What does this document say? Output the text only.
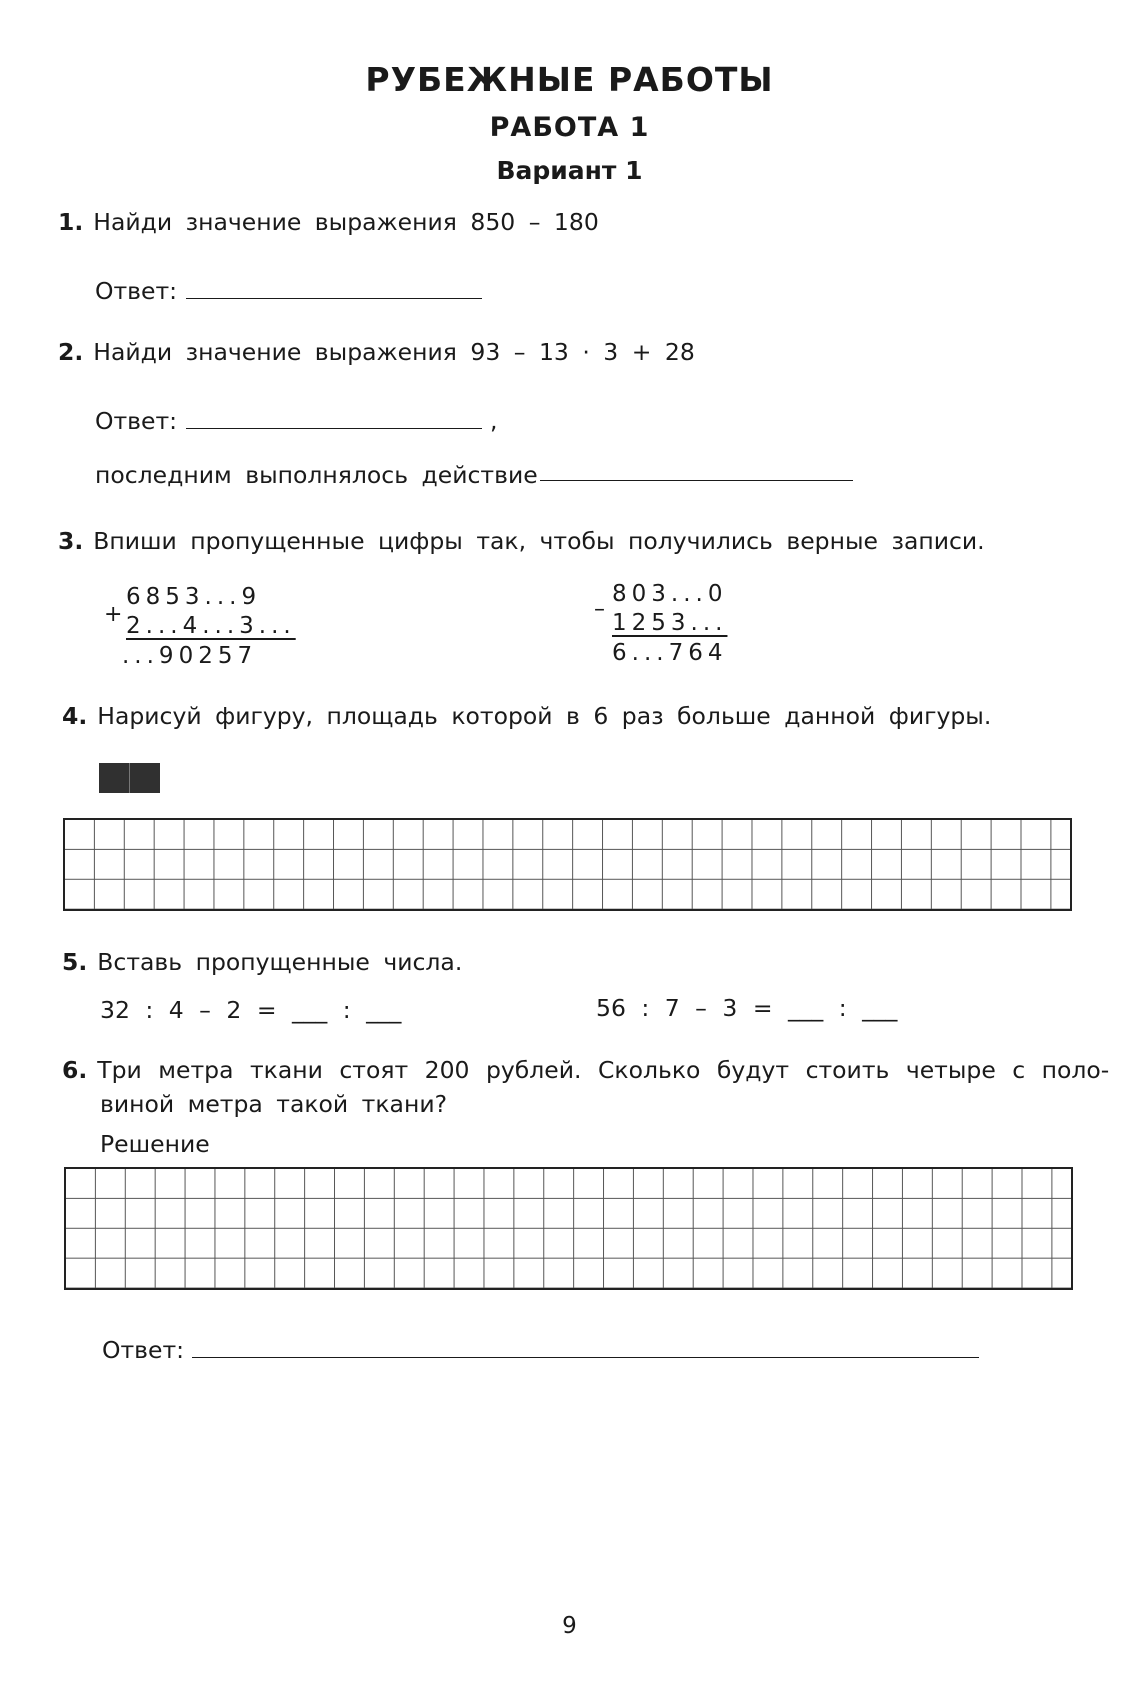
РУБЕЖНЫЕ РАБОТЫ
РАБОТА 1
Вариант 1
1. Найди значение выражения 850 – 180
Ответ:
2. Найди значение выражения 93 – 13 · 3 + 28
Ответ:	,
последним выполнялось действие
3. Впиши пропущенные цифры так, чтобы получились верные записи.
+
6853...9
2...4...3...
...90257
–
803...0
1253...
6...764
4. Нарисуй фигуру, площадь которой в 6 раз больше данной фигуры.
5. Вставь пропущенные числа.
32 : 4 – 2 = ___ : ___	56 : 7 – 3 = ___ : ___
6. Три метра ткани стоят 200 рублей. Сколько будут стоить четыре с поло-
виной метра такой ткани?
Решение
Ответ:
9
